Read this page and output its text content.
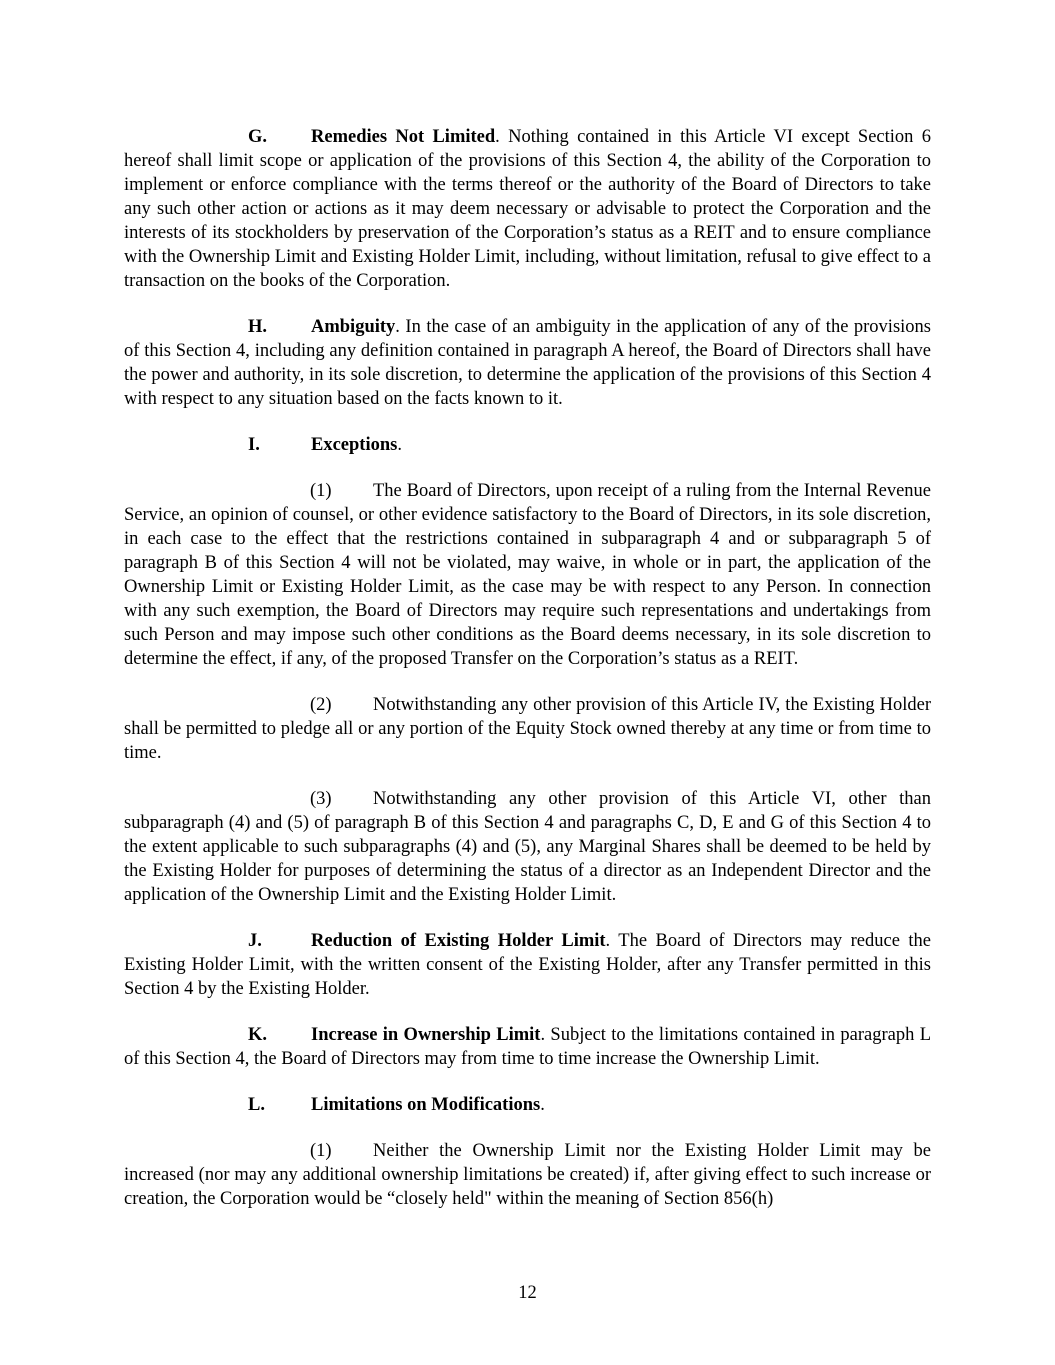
G. Remedies Not Limited. Nothing contained in this Article VI except Section 6 hereof shall limit scope or application of the provisions of this Section 4, the ability of the Corporation to implement or enforce compliance with the terms thereof or the authority of the Board of Directors to take any such other action or actions as it may deem necessary or advisable to protect the Corporation and the interests of its stockholders by preservation of the Corporation’s status as a REIT and to ensure compliance with the Ownership Limit and Existing Holder Limit, including, without limitation, refusal to give effect to a transaction on the books of the Corporation.

H. Ambiguity. In the case of an ambiguity in the application of any of the provisions of this Section 4, including any definition contained in paragraph A hereof, the Board of Directors shall have the power and authority, in its sole discretion, to determine the application of the provisions of this Section 4 with respect to any situation based on the facts known to it.

I.	Exceptions.

(1) The Board of Directors, upon receipt of a ruling from the Internal Revenue Service, an opinion of counsel, or other evidence satisfactory to the Board of Directors, in its sole discretion, in each case to the effect that the restrictions contained in subparagraph 4 and or subparagraph 5 of paragraph B of this Section 4 will not be violated, may waive, in whole or in part, the application of the Ownership Limit or Existing Holder Limit, as the case may be with respect to any Person. In connection with any such exemption, the Board of Directors may require such representations and undertakings from such Person and may impose such other conditions as the Board deems necessary, in its sole discretion to determine the effect, if any, of the proposed Transfer on the Corporation’s status as a REIT.

(2) Notwithstanding any other provision of this Article IV, the Existing Holder shall be permitted to pledge all or any portion of the Equity Stock owned thereby at any time or from time to time.

(3) Notwithstanding any other provision of this Article VI, other than subparagraph (4) and (5) of paragraph B of this Section 4 and paragraphs C, D, E and G of this Section 4 to the extent applicable to such subparagraphs (4) and (5), any Marginal Shares shall be deemed to be held by the Existing Holder for purposes of determining the status of a director as an Independent Director and the application of the Ownership Limit and the Existing Holder Limit.

J.	Reduction of Existing Holder Limit. The Board of Directors may reduce the Existing Holder Limit, with the written consent of the Existing Holder, after any Transfer permitted in this Section 4 by the Existing Holder.

K. Increase in Ownership Limit. Subject to the limitations contained in paragraph L of this Section 4, the Board of Directors may from time to time increase the Ownership Limit.

L. Limitations on Modifications.

(1) Neither the Ownership Limit nor the Existing Holder Limit may be increased (nor may any additional ownership limitations be created) if, after giving effect to such increase or creation, the Corporation would be “closely held" within the meaning of Section 856(h)

12
